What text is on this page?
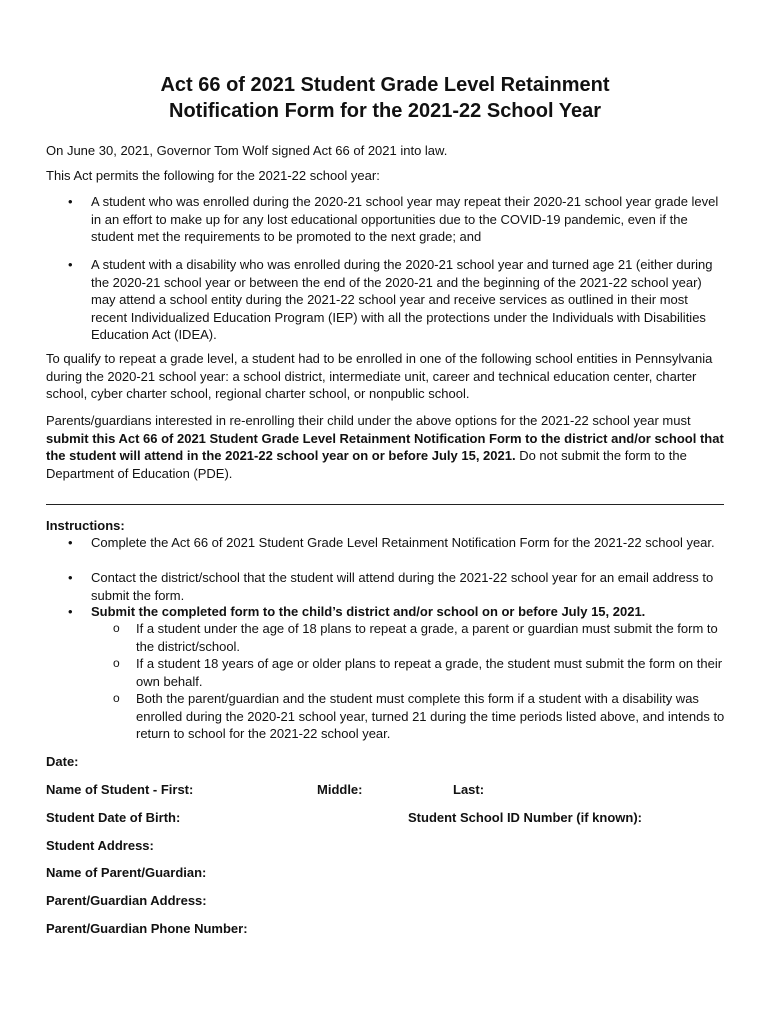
Act 66 of 2021 Student Grade Level Retainment
Notification Form for the 2021-22 School Year
On June 30, 2021, Governor Tom Wolf signed Act 66 of 2021 into law.
This Act permits the following for the 2021-22 school year:
• A student who was enrolled during the 2020-21 school year may repeat their 2020-21 school year grade level in an effort to make up for any lost educational opportunities due to the COVID-19 pandemic, even if the student met the requirements to be promoted to the next grade; and
• A student with a disability who was enrolled during the 2020-21 school year and turned age 21 (either during the 2020-21 school year or between the end of the 2020-21 and the beginning of the 2021-22 school year) may attend a school entity during the 2021-22 school year and receive services as outlined in their most recent Individualized Education Program (IEP) with all the protections under the Individuals with Disabilities Education Act (IDEA).
To qualify to repeat a grade level, a student had to be enrolled in one of the following school entities in Pennsylvania during the 2020-21 school year: a school district, intermediate unit, career and technical education center, charter school, cyber charter school, regional charter school, or nonpublic school.
Parents/guardians interested in re-enrolling their child under the above options for the 2021-22 school year must submit this Act 66 of 2021 Student Grade Level Retainment Notification Form to the district and/or school that the student will attend in the 2021-22 school year on or before July 15, 2021. Do not submit the form to the Department of Education (PDE).
Instructions:
• Complete the Act 66 of 2021 Student Grade Level Retainment Notification Form for the 2021-22 school year.
• Contact the district/school that the student will attend during the 2021-22 school year for an email address to submit the form.
• Submit the completed form to the child’s district and/or school on or before July 15, 2021.
o If a student under the age of 18 plans to repeat a grade, a parent or guardian must submit the form to the district/school.
o If a student 18 years of age or older plans to repeat a grade, the student must submit the form on their own behalf.
o Both the parent/guardian and the student must complete this form if a student with a disability was enrolled during the 2020-21 school year, turned 21 during the time periods listed above, and intends to return to school for the 2021-22 school year.
Date:
Name of Student - First:	Middle:	Last:
Student Date of Birth:	Student School ID Number (if known):
Student Address:
Name of Parent/Guardian:
Parent/Guardian Address:
Parent/Guardian Phone Number:
